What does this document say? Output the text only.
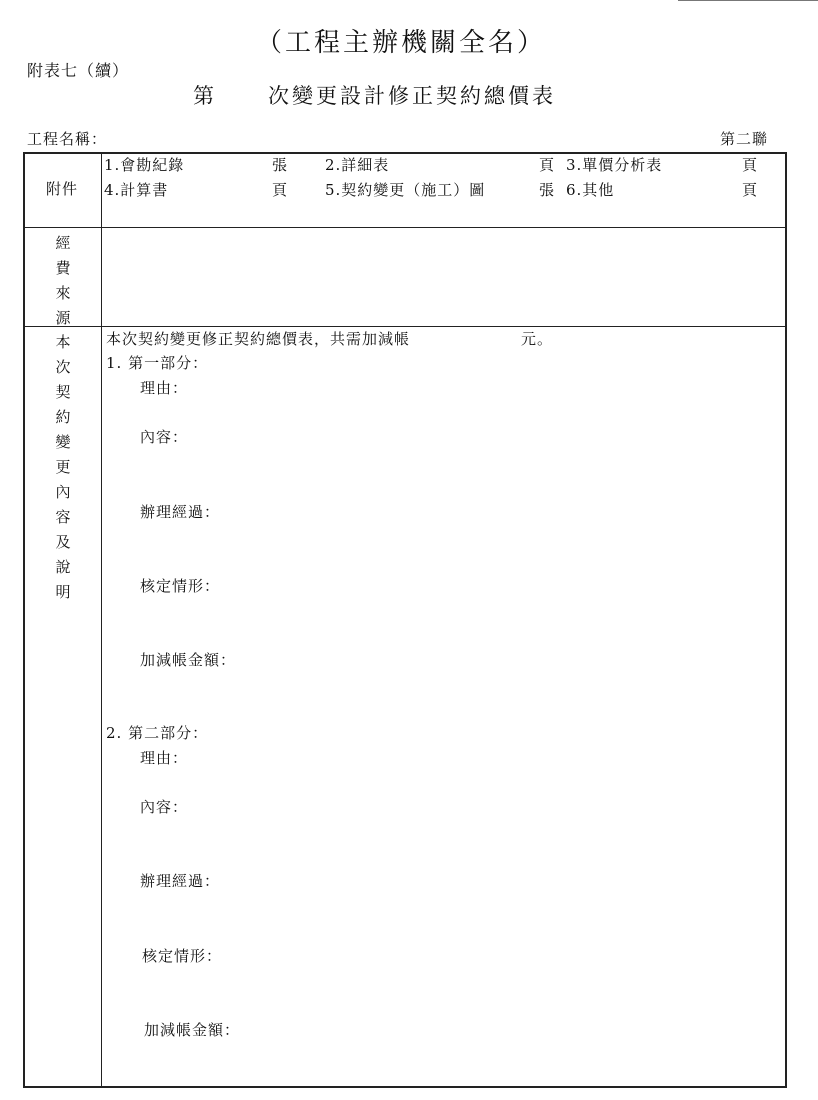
（工程主辦機關全名）
附表七（續）
第 次變更設計修正契約總價表
工程名稱：	第二聯
附件
1.會勘紀錄	張 2.詳細表	頁 3.單價分析表	頁
4.計算書	頁 5.契約變更（施工）圖	張 6.其他	頁
經費來源
本次契約變更內容及說明
本次契約變更修正契約總價表，共需加減帳	元。
1. 第一部分：
理由：
內容：
辦理經過：
核定情形：
加減帳金額：
2. 第二部分：
理由：
內容：
辦理經過：
核定情形：
加減帳金額：
